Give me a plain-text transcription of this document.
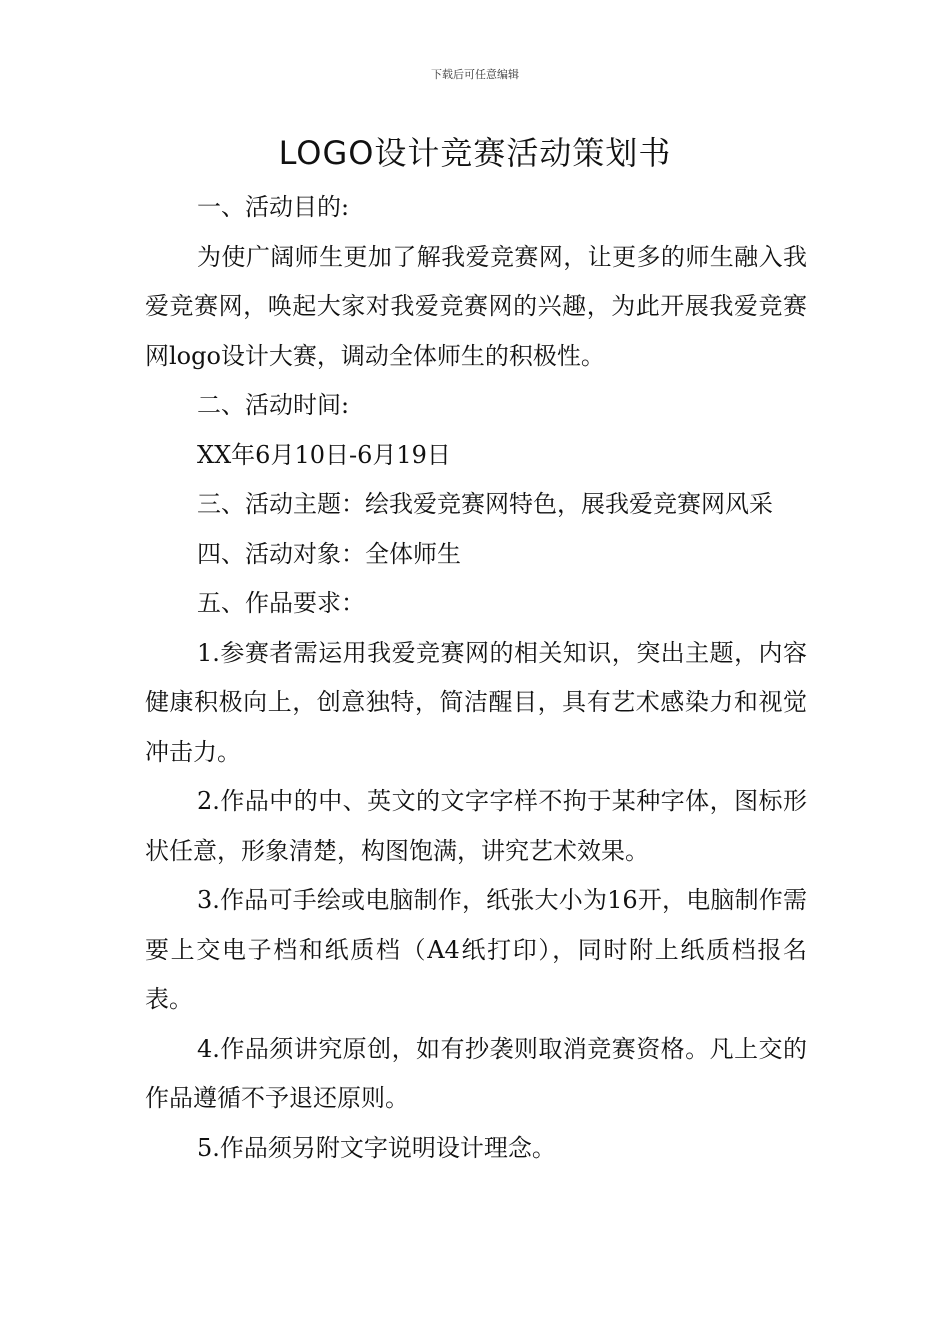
下载后可任意编辑
LOGO设计竞赛活动策划书

一、活动目的:

为使广阔师生更加了解我爱竞赛网，让更多的师生融入我爱竞赛网，唤起大家对我爱竞赛网的兴趣，为此开展我爱竞赛网logo设计大赛，调动全体师生的积极性。

二、活动时间:

XX年6月10日-6月19日

三、活动主题：绘我爱竞赛网特色，展我爱竞赛网风采

四、活动对象：全体师生

五、作品要求：

1.参赛者需运用我爱竞赛网的相关知识，突出主题，内容健康积极向上，创意独特，简洁醒目，具有艺术感染力和视觉冲击力。

2.作品中的中、英文的文字字样不拘于某种字体，图标形状任意，形象清楚，构图饱满，讲究艺术效果。

3.作品可手绘或电脑制作，纸张大小为16开，电脑制作需要上交电子档和纸质档（A4纸打印），同时附上纸质档报名表。

4.作品须讲究原创，如有抄袭则取消竞赛资格。凡上交的作品遵循不予退还原则。

5.作品须另附文字说明设计理念。
